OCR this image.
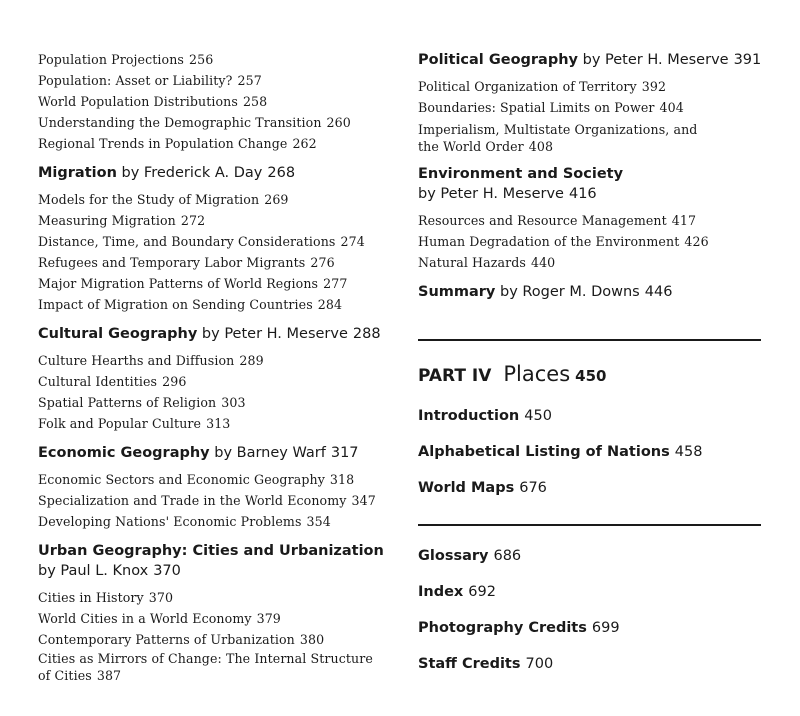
Population Projections 256
Population: Asset or Liability? 257
World Population Distributions 258
Understanding the Demographic Transition 260
Regional Trends in Population Change 262
Migration by Frederick A. Day 268
Models for the Study of Migration 269
Measuring Migration 272
Distance, Time, and Boundary Considerations 274
Refugees and Temporary Labor Migrants 276
Major Migration Patterns of World Regions 277
Impact of Migration on Sending Countries 284
Cultural Geography by Peter H. Meserve 288
Culture Hearths and Diffusion 289
Cultural Identities 296
Spatial Patterns of Religion 303
Folk and Popular Culture 313
Economic Geography by Barney Warf 317
Economic Sectors and Economic Geography 318
Specialization and Trade in the World Economy 347
Developing Nations' Economic Problems 354
Urban Geography: Cities and Urbanization
by Paul L. Knox 370
Cities in History 370
World Cities in a World Economy 379
Contemporary Patterns of Urbanization 380
Cities as Mirrors of Change: The Internal Structure
of Cities 387
Political Geography by Peter H. Meserve 391
Political Organization of Territory 392
Boundaries: Spatial Limits on Power 404
Imperialism, Multistate Organizations, and
the World Order 408
Environment and Society
by Peter H. Meserve 416
Resources and Resource Management 417
Human Degradation of the Environment 426
Natural Hazards 440
Summary by Roger M. Downs 446
PART IV Places 450
Introduction 450
Alphabetical Listing of Nations 458
World Maps 676
Glossary 686
Index 692
Photography Credits 699
Staff Credits 700
